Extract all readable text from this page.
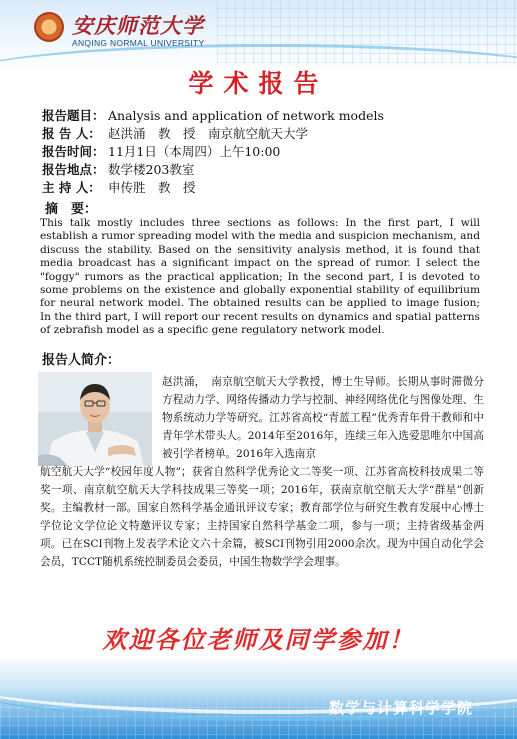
安庆师范大学
ANQING NORMAL UNIVERSITY
学术报告
报告题目： Analysis and application of network models
报 告 人： 赵洪涌　教　授　南京航空航天大学
报告时间： 11月1日（本周四）上午10:00
报告地点： 数学楼203教室
主 持 人： 申传胜　教　授
摘　要：
This talk mostly includes three sections as follows: In the first part, I will establish a rumor spreading model with the media and suspicion mechanism, and discuss the stability. Based on the sensitivity analysis method, it is found that media broadcast has a significant impact on the spread of rumor. I select the "foggy" rumors as the practical application; In the second part, I is devoted to some problems on the existence and globally exponential stability of equilibrium for neural network model. The obtained results can be applied to image fusion; In the third part, I will report our recent results on dynamics and spatial patterns of zebrafish model as a specific gene regulatory network model.
报告人简介：
赵洪涌，　南京航空航天大学教授，博士生导师。长期从事时滞微分方程动力学、网络传播动力学与控制、神经网络优化与图像处理、生物系统动力学等研究。江苏省高校“青蓝工程”优秀青年骨干教师和中青年学术带头人。2014年至2016年，连续三年入选爱思唯尔中国高被引学者榜单。2016年入选南京
航空航天大学“校园年度人物”；获省自然科学优秀论文二等奖一项、江苏省高校科技成果二等奖一项、南京航空航天大学科技成果三等奖一项；2016年，获南京航空航天大学“群星”创新奖。主编教材一部。国家自然科学基金通讯评议专家；教育部学位与研究生教育发展中心博士学位论文学位论文特邀评议专家；主持国家自然科学基金二项，参与一项；主持省级基金两项。已在SCI刊物上发表学术论文六十余篇，被SCI刊物引用2000余次。现为中国自动化学会会员，TCCT随机系统控制委员会委员，中国生物数学学会理事。
欢迎各位老师及同学参加！
数学与计算科学学院
